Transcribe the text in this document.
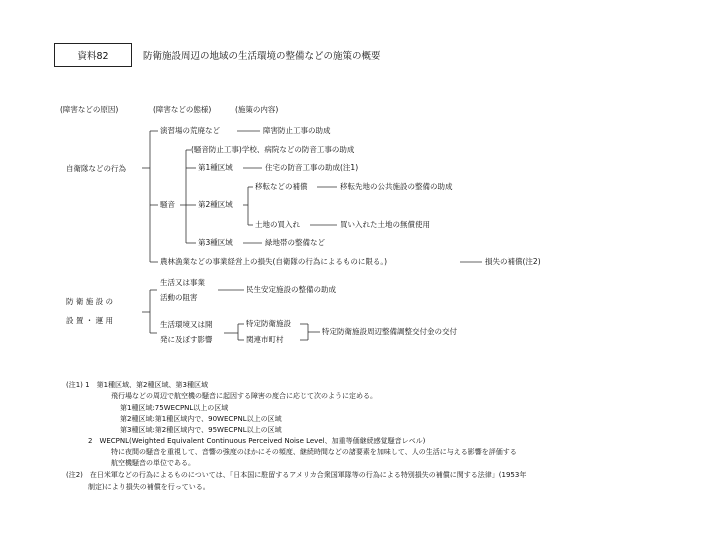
資料82	防衛施設周辺の地域の生活環境の整備などの施策の概要
(障害などの原因)	(障害などの態様)	(施策の内容)
自衛隊などの行為
演習場の荒廃など	障害防止工事の助成
(騒音防止工事)学校、病院などの防音工事の助成
騒音
第1種区域	住宅の防音工事の助成(注1)
移転などの補償	移転先地の公共施設の整備の助成
第2種区域
土地の買入れ	買い入れた土地の無償使用
第3種区域	緑地帯の整備など
農林漁業などの事業経営上の損失(自衛隊の行為によるものに限る。)	損失の補償(注2)
防 衛 施 設 の
設 置 ・ 運 用
生活又は事業
活動の阻害
民生安定施設の整備の助成
生活環境又は開
発に及ぼす影響
特定防衛施設
関連市町村
特定防衛施設周辺整備調整交付金の交付
(注1) 1　第1種区域、第2種区域、第3種区域
飛行場などの周辺で航空機の騒音に起因する障害の度合に応じて次のように定める。
第1種区域:75WECPNL以上の区域
第2種区域:第1種区域内で、90WECPNL以上の区域
第3種区域:第2種区域内で、95WECPNL以上の区域
2　WECPNL(Weighted Equivalent Continuous Perceived Noise Level、加重等価継続感覚騒音レベル)
特に夜間の騒音を重視して、音響の強度のほかにその頻度、継続時間などの諸要素を加味して、人の生活に与える影響を評価する
航空機騒音の単位である。
(注2)　在日米軍などの行為によるものについては、「日本国に駐留するアメリカ合衆国軍隊等の行為による特別損失の補償に関する法律」(1953年
制定)により損失の補償を行っている。
